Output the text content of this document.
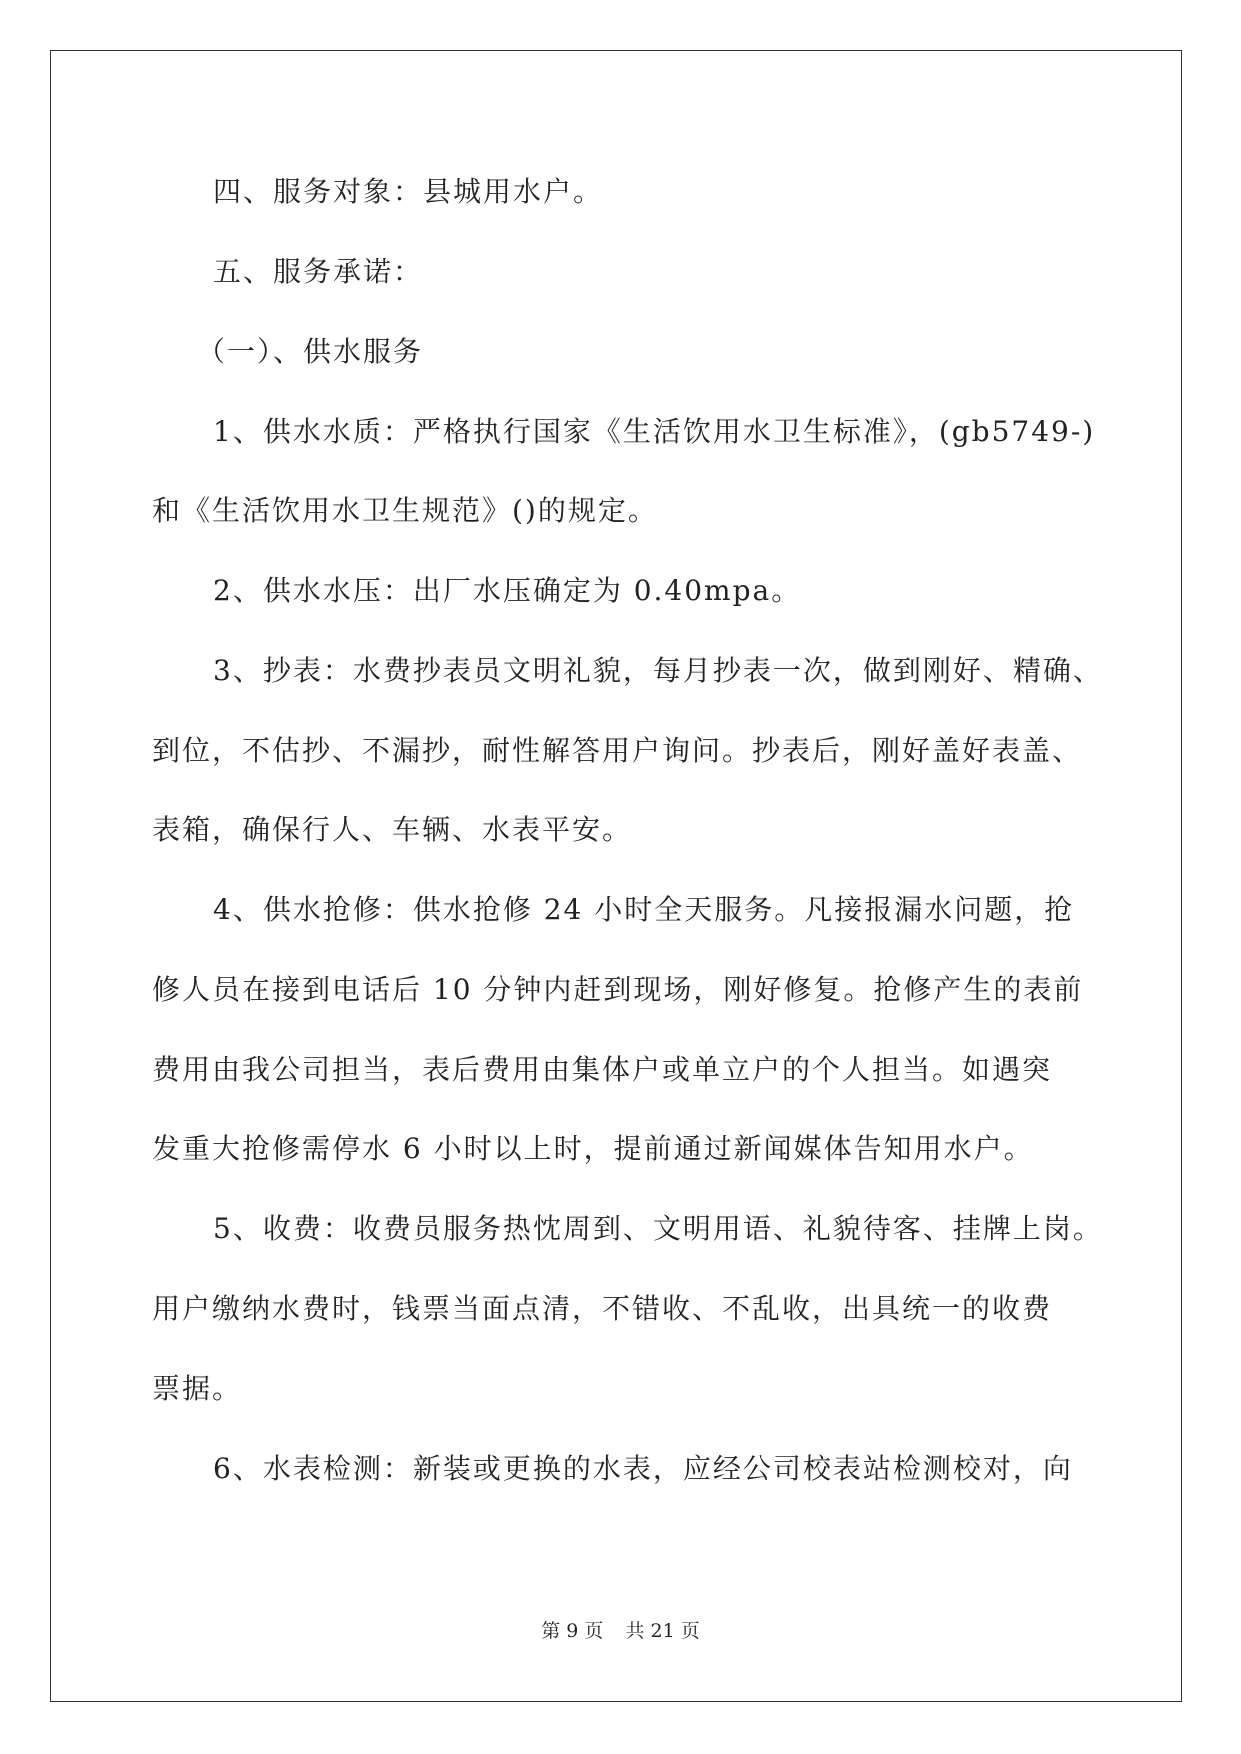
四、服务对象：县城用水户。
五、服务承诺：
（一）、供水服务
1、供水水质：严格执行国家《生活饮用水卫生标准》，(gb5749-)
和《生活饮用水卫生规范》()的规定。
2、供水水压：出厂水压确定为 0.40mpa。
3、抄表：水费抄表员文明礼貌，每月抄表一次，做到刚好、精确、
到位，不估抄、不漏抄，耐性解答用户询问。抄表后，刚好盖好表盖、
表箱，确保行人、车辆、水表平安。
4、供水抢修：供水抢修 24 小时全天服务。凡接报漏水问题，抢
修人员在接到电话后 10 分钟内赶到现场，刚好修复。抢修产生的表前
费用由我公司担当，表后费用由集体户或单立户的个人担当。如遇突
发重大抢修需停水 6 小时以上时，提前通过新闻媒体告知用水户。
5、收费：收费员服务热忱周到、文明用语、礼貌待客、挂牌上岗。
用户缴纳水费时，钱票当面点清，不错收、不乱收，出具统一的收费
票据。
6、水表检测：新装或更换的水表，应经公司校表站检测校对，向
第 9 页 共 21 页
